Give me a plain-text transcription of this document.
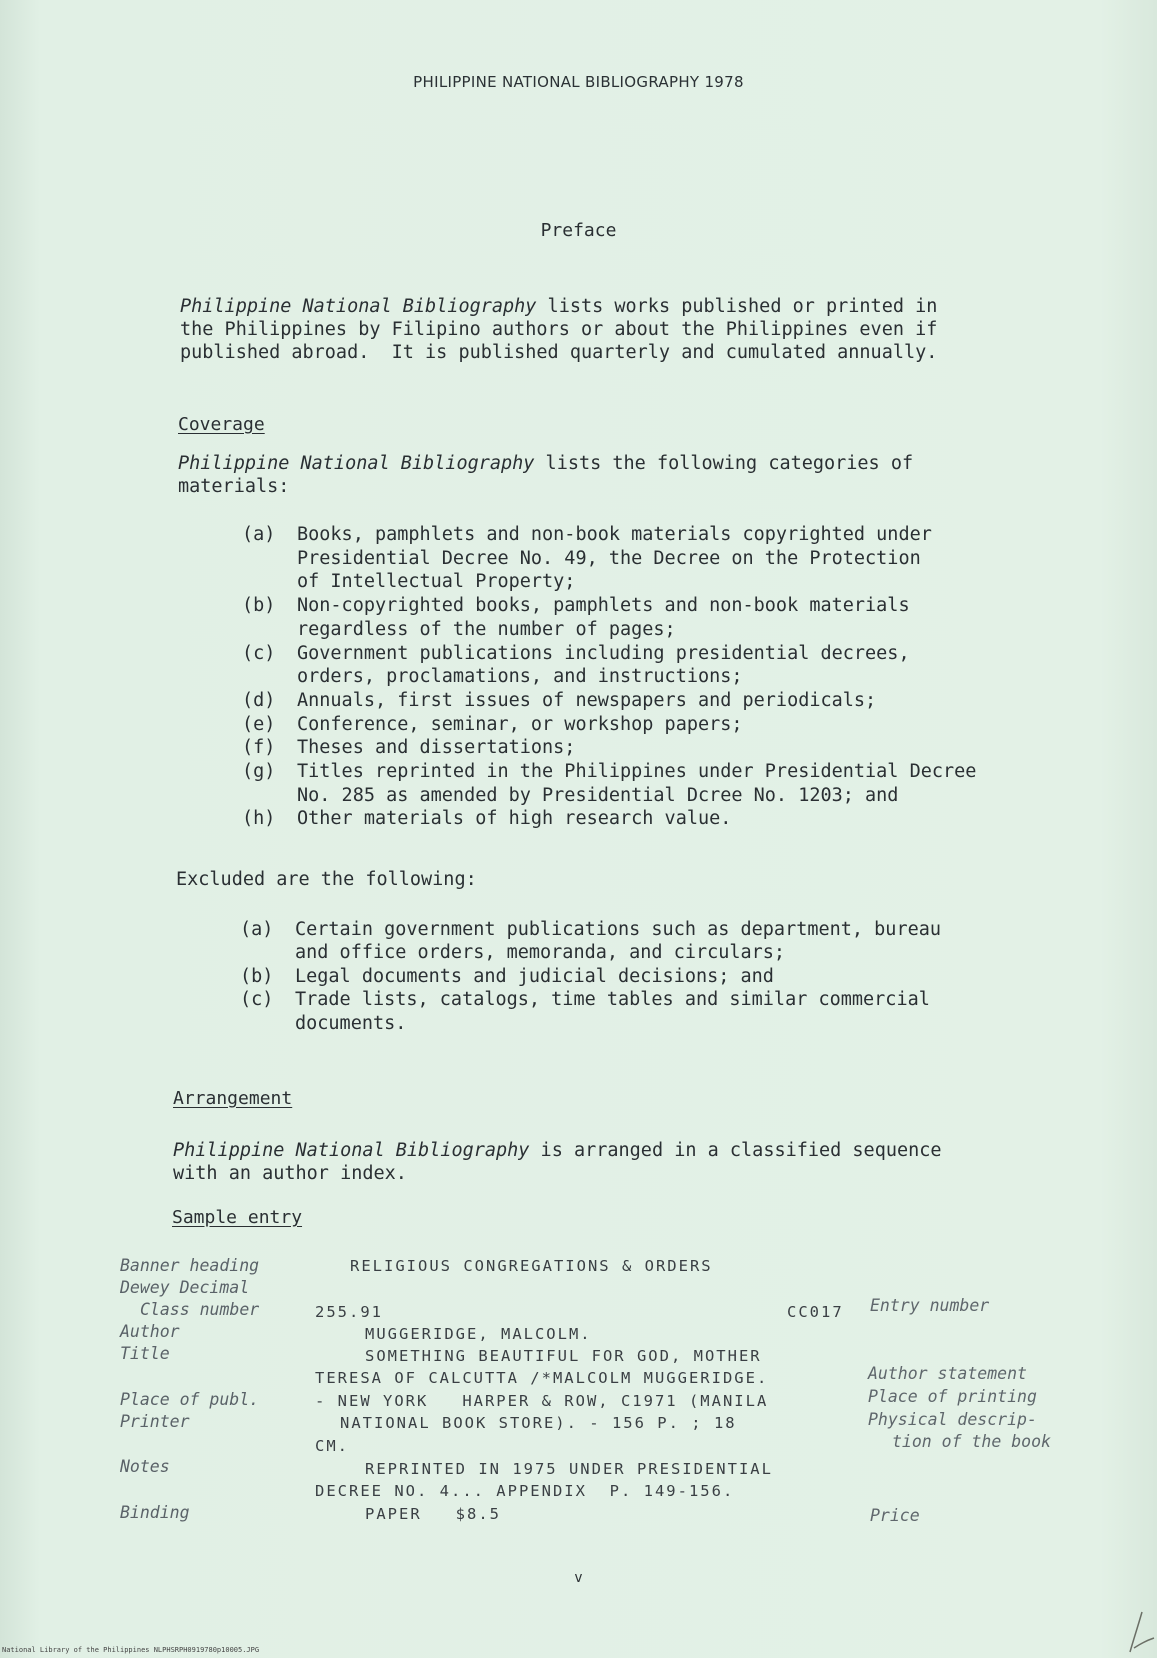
PHILIPPINE NATIONAL BIBLIOGRAPHY 1978
Preface
Philippine National Bibliography lists works published or printed in
the Philippines by Filipino authors or about the Philippines even if
published abroad.  It is published quarterly and cumulated annually.
Coverage
Philippine National Bibliography lists the following categories of
materials:
(a) Books, pamphlets and non-book materials copyrighted under
Presidential Decree No. 49, the Decree on the Protection
of Intellectual Property;
(b) Non-copyrighted books, pamphlets and non-book materials
regardless of the number of pages;
(c) Government publications including presidential decrees,
orders, proclamations, and instructions;
(d) Annuals, first issues of newspapers and periodicals;
(e) Conference, seminar, or workshop papers;
(f) Theses and dissertations;
(g) Titles reprinted in the Philippines under Presidential Decree
No. 285 as amended by Presidential Dcree No. 1203; and
(h) Other materials of high research value.
Excluded are the following:
(a) Certain government publications such as department, bureau
and office orders, memoranda, and circulars;
(b) Legal documents and judicial decisions; and
(c) Trade lists, catalogs, time tables and similar commercial
documents.
Arrangement
Philippine National Bibliography is arranged in a classified sequence
with an author index.
Sample entry
Banner heading
Dewey Decimal
Class number
Author
Title
Place of publ.
Printer
Notes
Binding
RELIGIOUS CONGREGATIONS & ORDERS
255.91	CC017
MUGGERIDGE, MALCOLM.
SOMETHING BEAUTIFUL FOR GOD, MOTHER
TERESA OF CALCUTTA /*MALCOLM MUGGERIDGE.
- NEW YORK   HARPER & ROW, C1971 (MANILA
NATIONAL BOOK STORE). - 156 P. ; 18
CM.
REPRINTED IN 1975 UNDER PRESIDENTIAL
DECREE NO. 4... APPENDIX  P. 149-156.
PAPER   $8.5
Entry number
Author statement
Place of printing
Physical descrip-
tion of the book
Price
v
National Library of the Philippines NLPHSRPH0919780p10005.JPG
